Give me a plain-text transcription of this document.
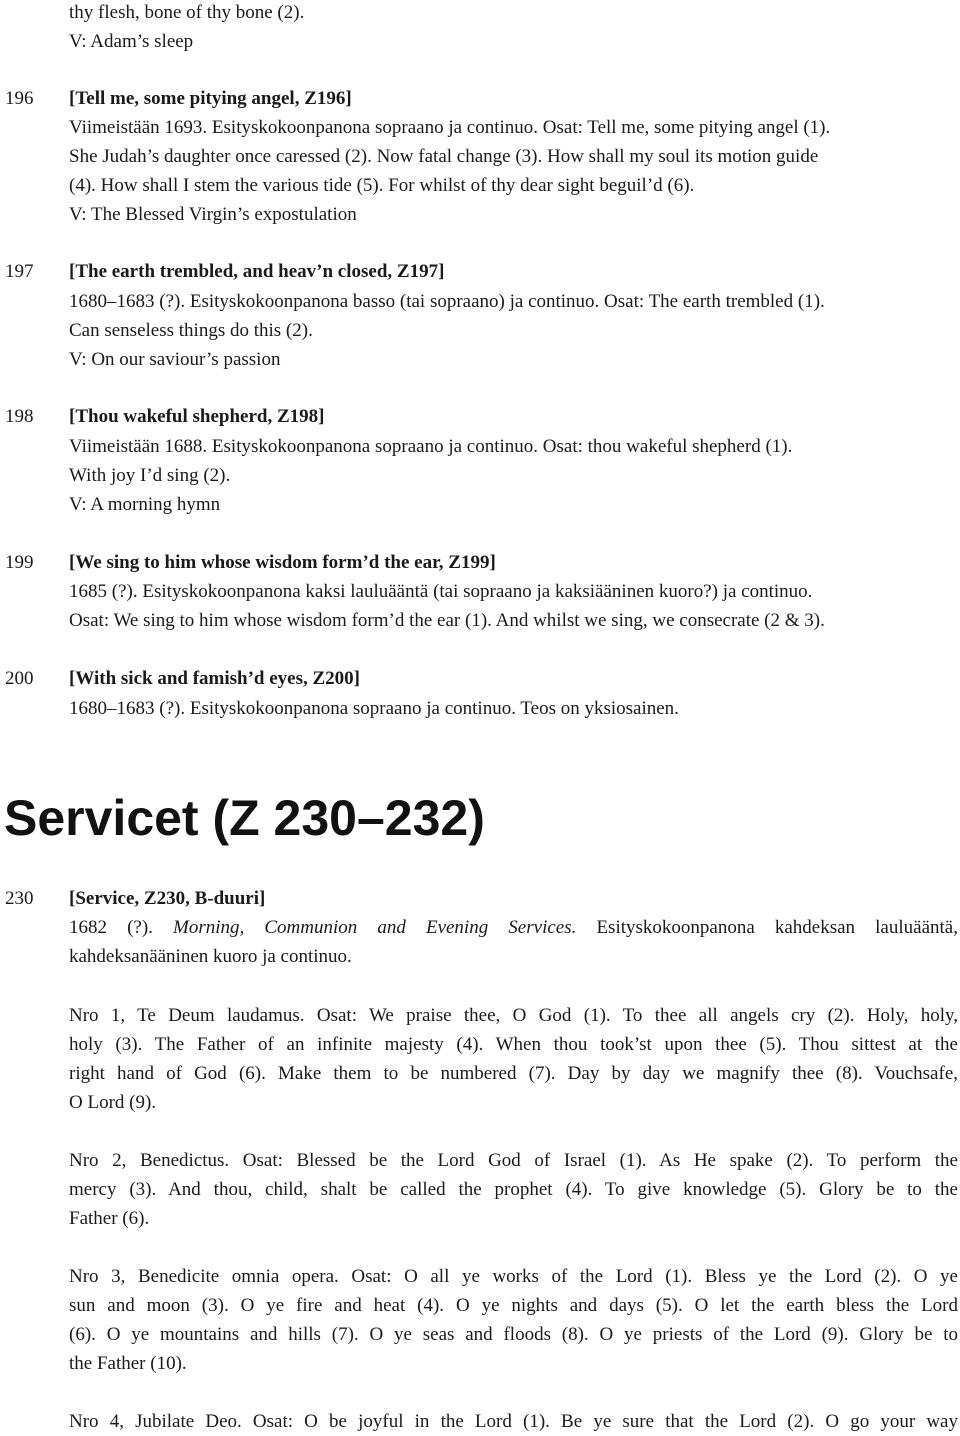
thy flesh, bone of thy bone (2).
V: Adam’s sleep
196 [Tell me, some pitying angel, Z196]
Viimeistään 1693. Esityskokoonpanona sopraano ja continuo. Osat: Tell me, some pitying angel (1).
She Judah’s daughter once caressed (2). Now fatal change (3). How shall my soul its motion guide
(4). How shall I stem the various tide (5). For whilst of thy dear sight beguil’d (6).
V: The Blessed Virgin’s expostulation
197 [The earth trembled, and heav’n closed, Z197]
1680–1683 (?). Esityskokoonpanona basso (tai sopraano) ja continuo. Osat: The earth trembled (1).
Can senseless things do this (2).
V: On our saviour’s passion
198 [Thou wakeful shepherd, Z198]
Viimeistään 1688. Esityskokoonpanona sopraano ja continuo. Osat: thou wakeful shepherd (1).
With joy I’d sing (2).
V: A morning hymn
199 [We sing to him whose wisdom form’d the ear, Z199]
1685 (?). Esityskokoonpanona kaksi lauluääntä (tai sopraano ja kaksiääninen kuoro?) ja continuo.
Osat: We sing to him whose wisdom form’d the ear (1). And whilst we sing, we consecrate (2 & 3).
200 [With sick and famish’d eyes, Z200]
1680–1683 (?). Esityskokoonpanona sopraano ja continuo. Teos on yksiosainen.
Servicet (Z 230–232)
230 [Service, Z230, B-duuri]
1682 (?). Morning, Communion and Evening Services. Esityskokoonpanona kahdeksan lauluääntä,
kahdeksanääninen kuoro ja continuo.
Nro 1, Te Deum laudamus. Osat: We praise thee, O God (1). To thee all angels cry (2). Holy, holy,
holy (3). The Father of an infinite majesty (4). When thou took’st upon thee (5). Thou sittest at the
right hand of God (6). Make them to be numbered (7). Day by day we magnify thee (8). Vouchsafe,
O Lord (9).
Nro 2, Benedictus. Osat: Blessed be the Lord God of Israel (1). As He spake (2). To perform the
mercy (3). And thou, child, shalt be called the prophet (4). To give knowledge (5). Glory be to the
Father (6).
Nro 3, Benedicite omnia opera. Osat: O all ye works of the Lord (1). Bless ye the Lord (2). O ye
sun and moon (3). O ye fire and heat (4). O ye nights and days (5). O let the earth bless the Lord
(6). O ye mountains and hills (7). O ye seas and floods (8). O ye priests of the Lord (9). Glory be to
the Father (10).
Nro 4, Jubilate Deo. Osat: O be joyful in the Lord (1). Be ye sure that the Lord (2). O go your way
